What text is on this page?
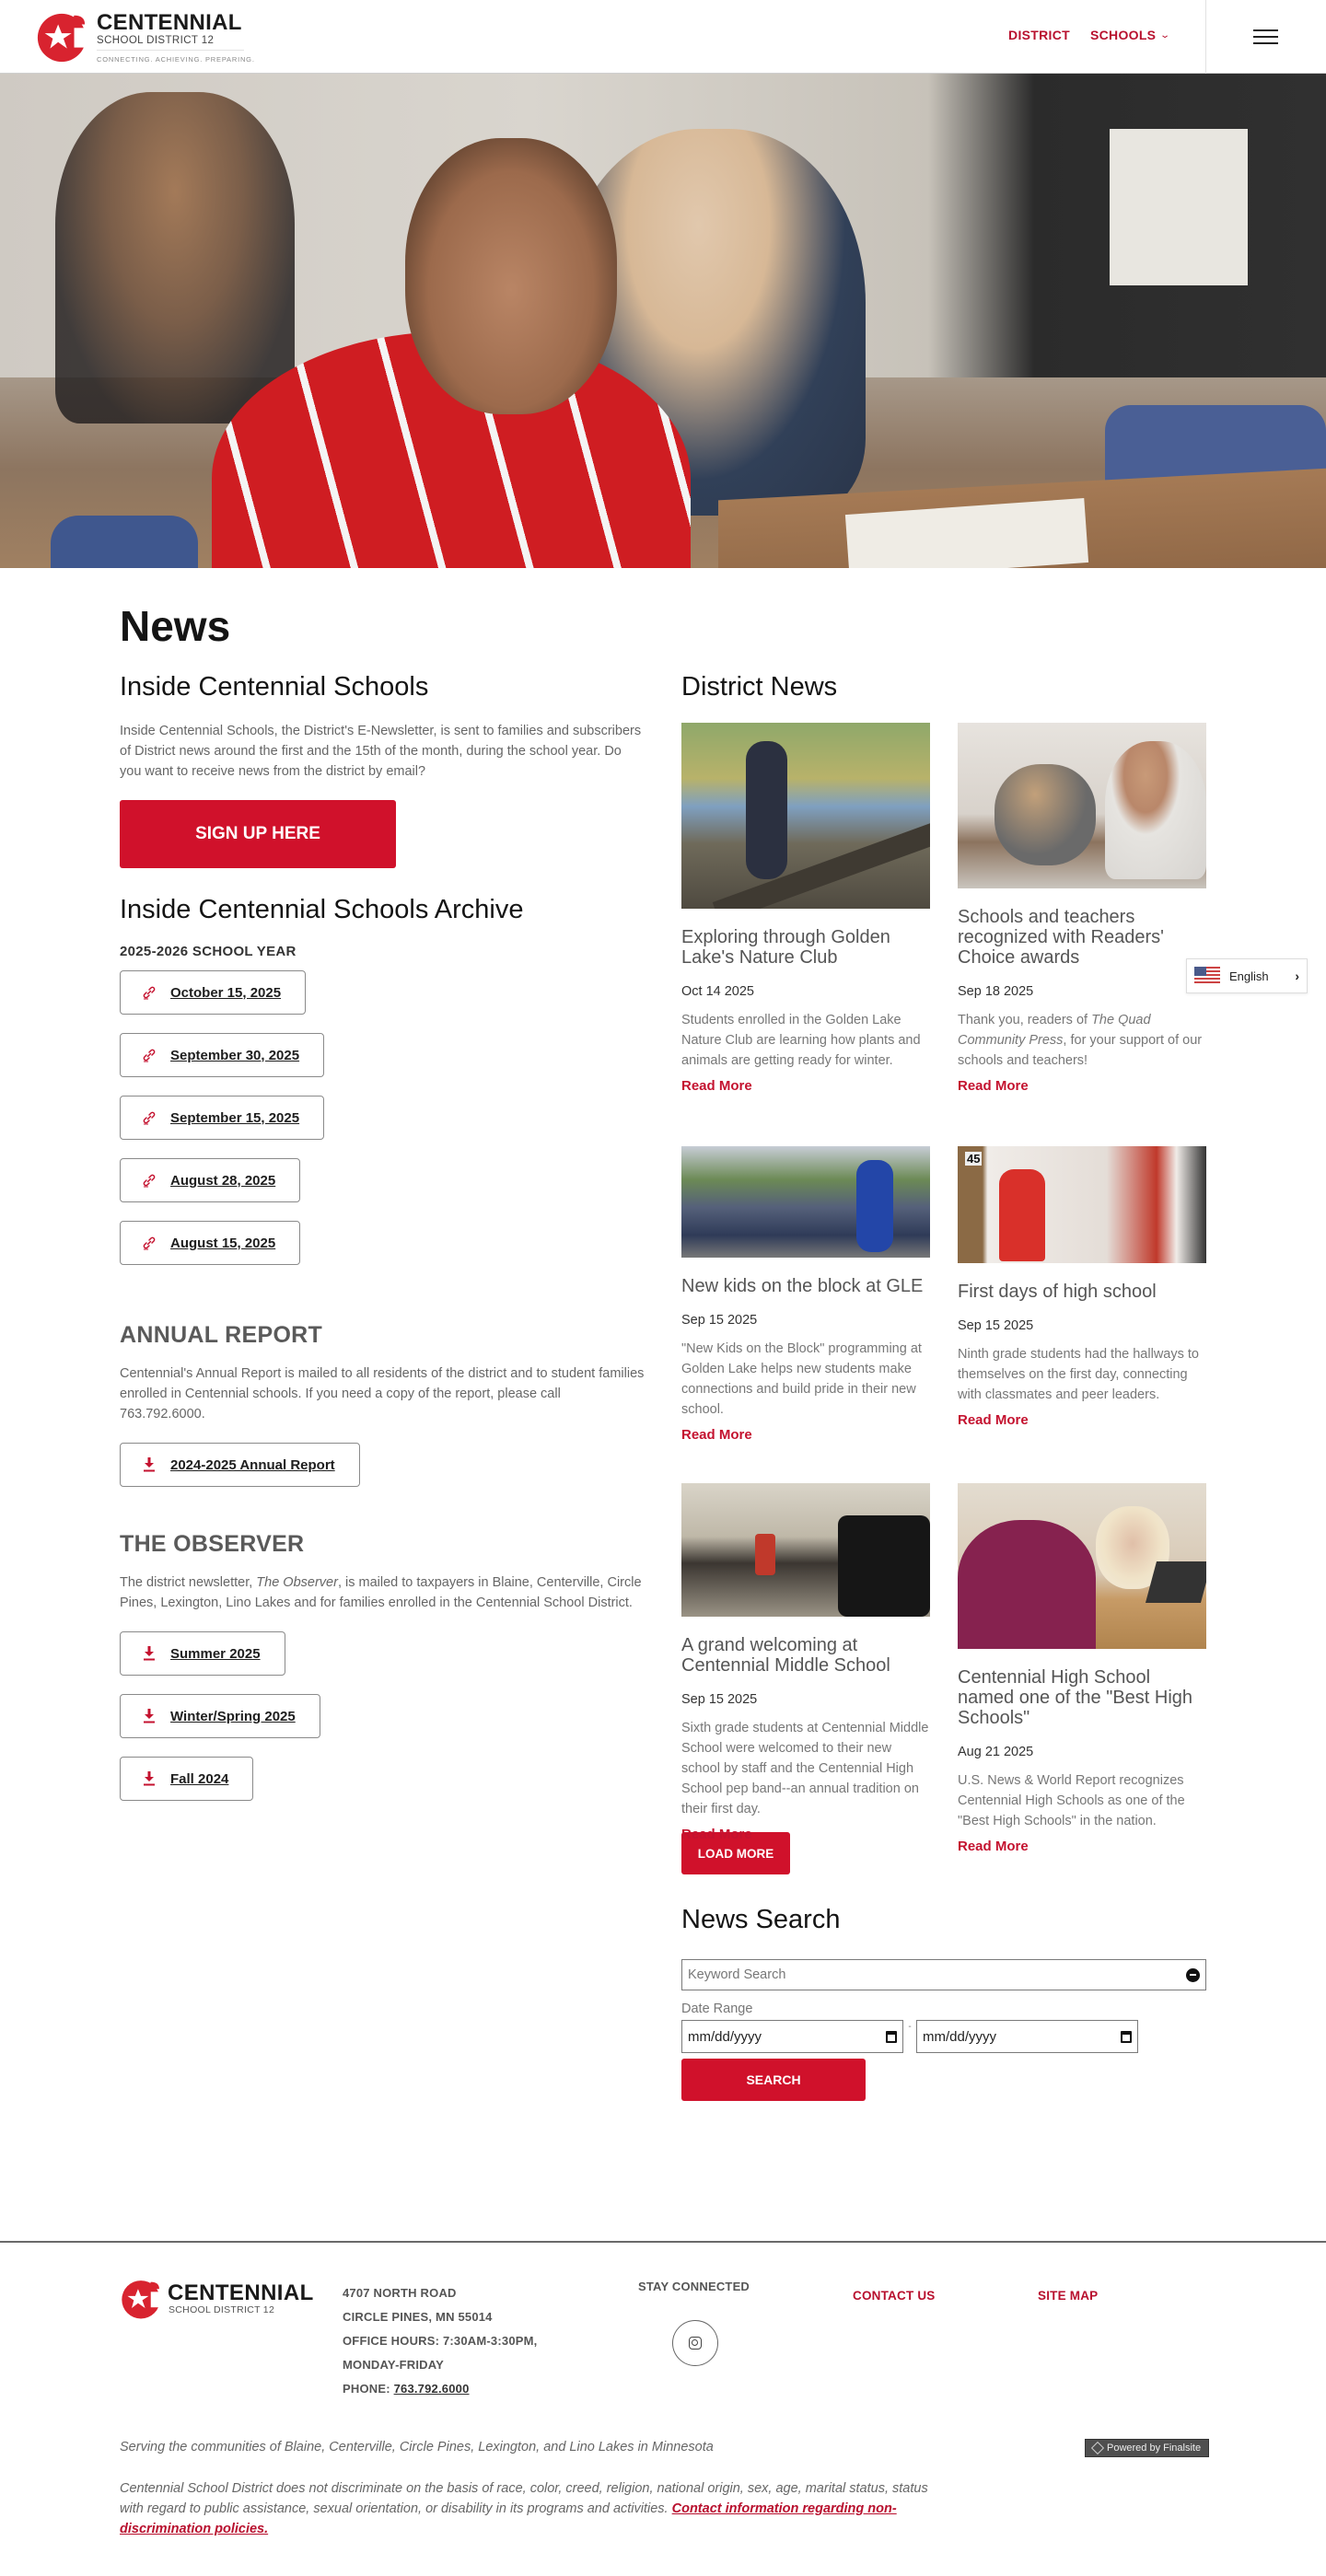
CENTENNIAL
SCHOOL DISTRICT 12
CONNECTING. ACHIEVING. PREPARING.
DISTRICT SCHOOLS ⌄
News
Inside Centennial Schools

Inside Centennial Schools, the District's E-Newsletter, is sent to families and subscribers of District news around the first and the 15th of the month, during the school year. Do you want to receive news from the district by email?

SIGN UP HERE
Inside Centennial Schools Archive
2025-2026 SCHOOL YEAR
October 15, 2025
September 30, 2025
September 15, 2025
August 28, 2025
August 15, 2025
ANNUAL REPORT

Centennial's Annual Report is mailed to all residents of the district and to student families enrolled in Centennial schools. If you need a copy of the report, please call 763.792.6000.

2024-2025 Annual Report
THE OBSERVER

The district newsletter, The Observer, is mailed to taxpayers in Blaine, Centerville, Circle Pines, Lexington, Lino Lakes and for families enrolled in the Centennial School District.

Summer 2025
Winter/Spring 2025
Fall 2024
District News
Exploring through Golden Lake's Nature Club
Oct 14 2025

Students enrolled in the Golden Lake Nature Club are learning how plants and animals are getting ready for winter.

Read More
Schools and teachers recognized with Readers' Choice awards
Sep 18 2025

Thank you, readers of The Quad Community Press, for your support of our schools and teachers!

Read More
New kids on the block at GLE
Sep 15 2025

"New Kids on the Block" programming at Golden Lake helps new students make connections and build pride in their new school.

Read More
45
First days of high school
Sep 15 2025

Ninth grade students had the hallways to themselves on the first day, connecting with classmates and peer leaders.

Read More
A grand welcoming at Centennial Middle School
Sep 15 2025

Sixth grade students at Centennial Middle School were welcomed to their new school by staff and the Centennial High School pep band--an annual tradition on their first day.

Read More
Centennial High School named one of the "Best High Schools"
Aug 21 2025

U.S. News & World Report recognizes Centennial High Schools as one of the "Best High Schools" in the nation.

Read More
LOAD MORE
News Search
Keyword Search
Date Range
mm/dd/yyyy
-
mm/dd/yyyy
SEARCH
English ›
CENTENNIAL
SCHOOL DISTRICT 12
4707 NORTH ROAD
CIRCLE PINES, MN 55014
OFFICE HOURS: 7:30AM-3:30PM,
MONDAY-FRIDAY
PHONE: 763.792.6000
STAY CONNECTED
CONTACT US	SITE MAP
Serving the communities of Blaine, Centerville, Circle Pines, Lexington, and Lino Lakes in Minnesota	Powered by Finalsite

Centennial School District does not discriminate on the basis of race, color, creed, religion, national origin, sex, age, marital status, status with regard to public assistance, sexual orientation, or disability in its programs and activities. Contact information regarding non-discrimination policies.
